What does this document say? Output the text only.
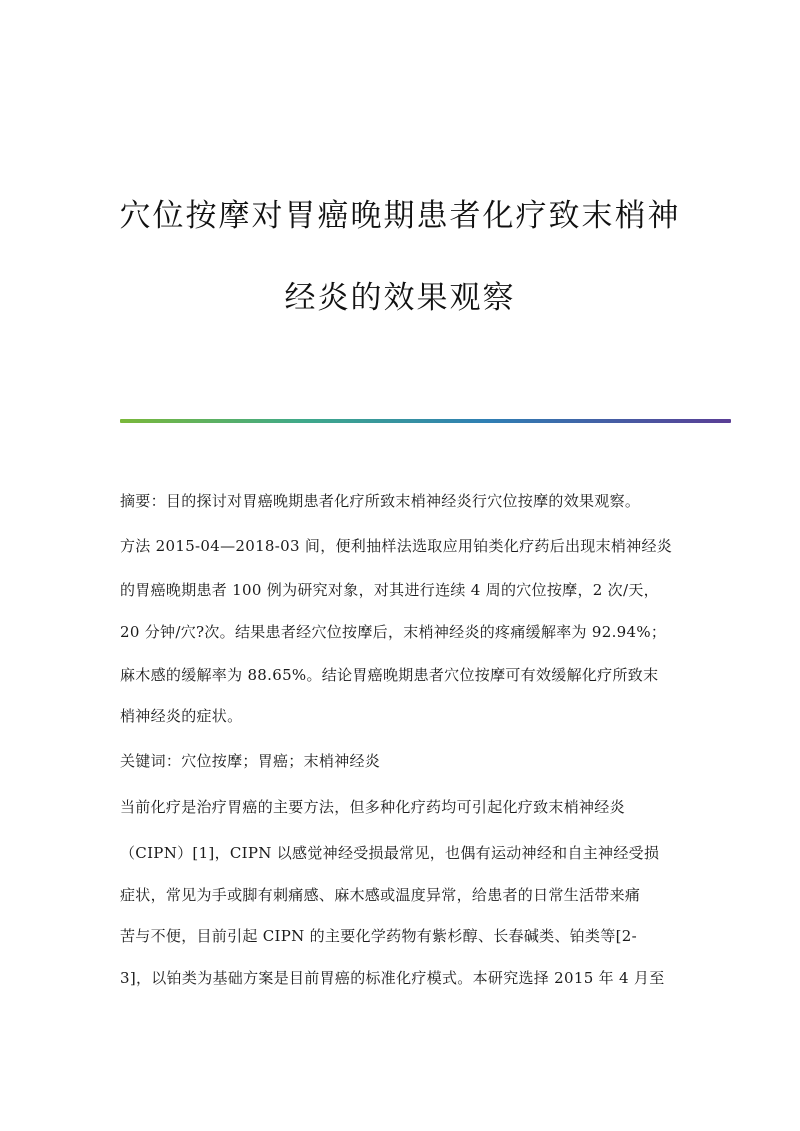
穴位按摩对胃癌晚期患者化疗致末梢神
经炎的效果观察
摘要：目的探讨对胃癌晚期患者化疗所致末梢神经炎行穴位按摩的效果观察。
方法 2015-04—2018-03 间，便利抽样法选取应用铂类化疗药后出现末梢神经炎
的胃癌晚期患者 100 例为研究对象，对其进行连续 4 周的穴位按摩，2 次/天，
20 分钟/穴?次。结果患者经穴位按摩后，末梢神经炎的疼痛缓解率为 92.94%；
麻木感的缓解率为 88.65%。结论胃癌晚期患者穴位按摩可有效缓解化疗所致末
梢神经炎的症状。
关键词：穴位按摩；胃癌；末梢神经炎
当前化疗是治疗胃癌的主要方法，但多种化疗药均可引起化疗致末梢神经炎
（CIPN）[1]，CIPN 以感觉神经受损最常见，也偶有运动神经和自主神经受损
症状，常见为手或脚有刺痛感、麻木感或温度异常，给患者的日常生活带来痛
苦与不便，目前引起 CIPN 的主要化学药物有紫杉醇、长春碱类、铂类等[2-
3]，以铂类为基础方案是目前胃癌的标准化疗模式。本研究选择 2015 年 4 月至
